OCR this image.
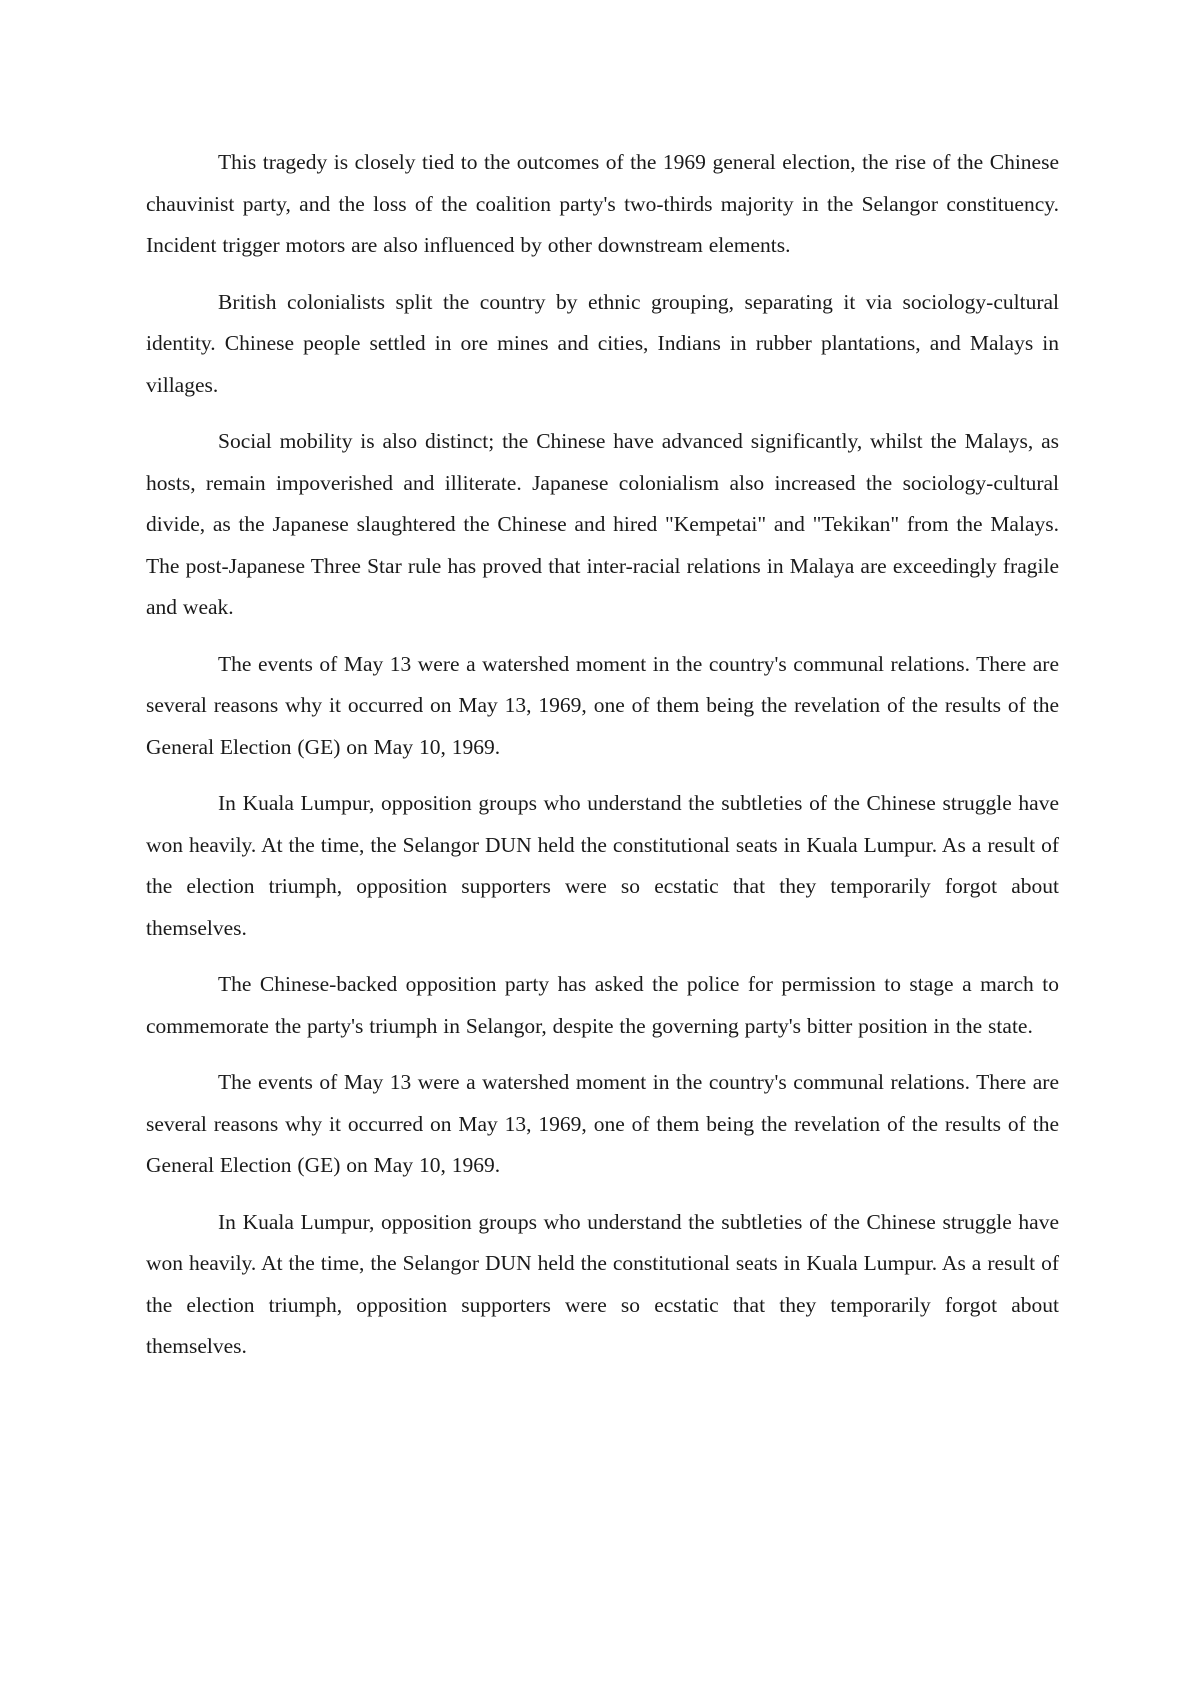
This tragedy is closely tied to the outcomes of the 1969 general election, the rise of the Chinese chauvinist party, and the loss of the coalition party's two-thirds majority in the Selangor constituency. Incident trigger motors are also influenced by other downstream elements.

British colonialists split the country by ethnic grouping, separating it via sociology-cultural identity. Chinese people settled in ore mines and cities, Indians in rubber plantations, and Malays in villages.

Social mobility is also distinct; the Chinese have advanced significantly, whilst the Malays, as hosts, remain impoverished and illiterate. Japanese colonialism also increased the sociology-cultural divide, as the Japanese slaughtered the Chinese and hired "Kempetai" and "Tekikan" from the Malays. The post-Japanese Three Star rule has proved that inter-racial relations in Malaya are exceedingly fragile and weak.

The events of May 13 were a watershed moment in the country's communal relations. There are several reasons why it occurred on May 13, 1969, one of them being the revelation of the results of the General Election (GE) on May 10, 1969.

In Kuala Lumpur, opposition groups who understand the subtleties of the Chinese struggle have won heavily. At the time, the Selangor DUN held the constitutional seats in Kuala Lumpur. As a result of the election triumph, opposition supporters were so ecstatic that they temporarily forgot about themselves.

The Chinese-backed opposition party has asked the police for permission to stage a march to commemorate the party's triumph in Selangor, despite the governing party's bitter position in the state.

The events of May 13 were a watershed moment in the country's communal relations. There are several reasons why it occurred on May 13, 1969, one of them being the revelation of the results of the General Election (GE) on May 10, 1969.

In Kuala Lumpur, opposition groups who understand the subtleties of the Chinese struggle have won heavily. At the time, the Selangor DUN held the constitutional seats in Kuala Lumpur. As a result of the election triumph, opposition supporters were so ecstatic that they temporarily forgot about themselves.
